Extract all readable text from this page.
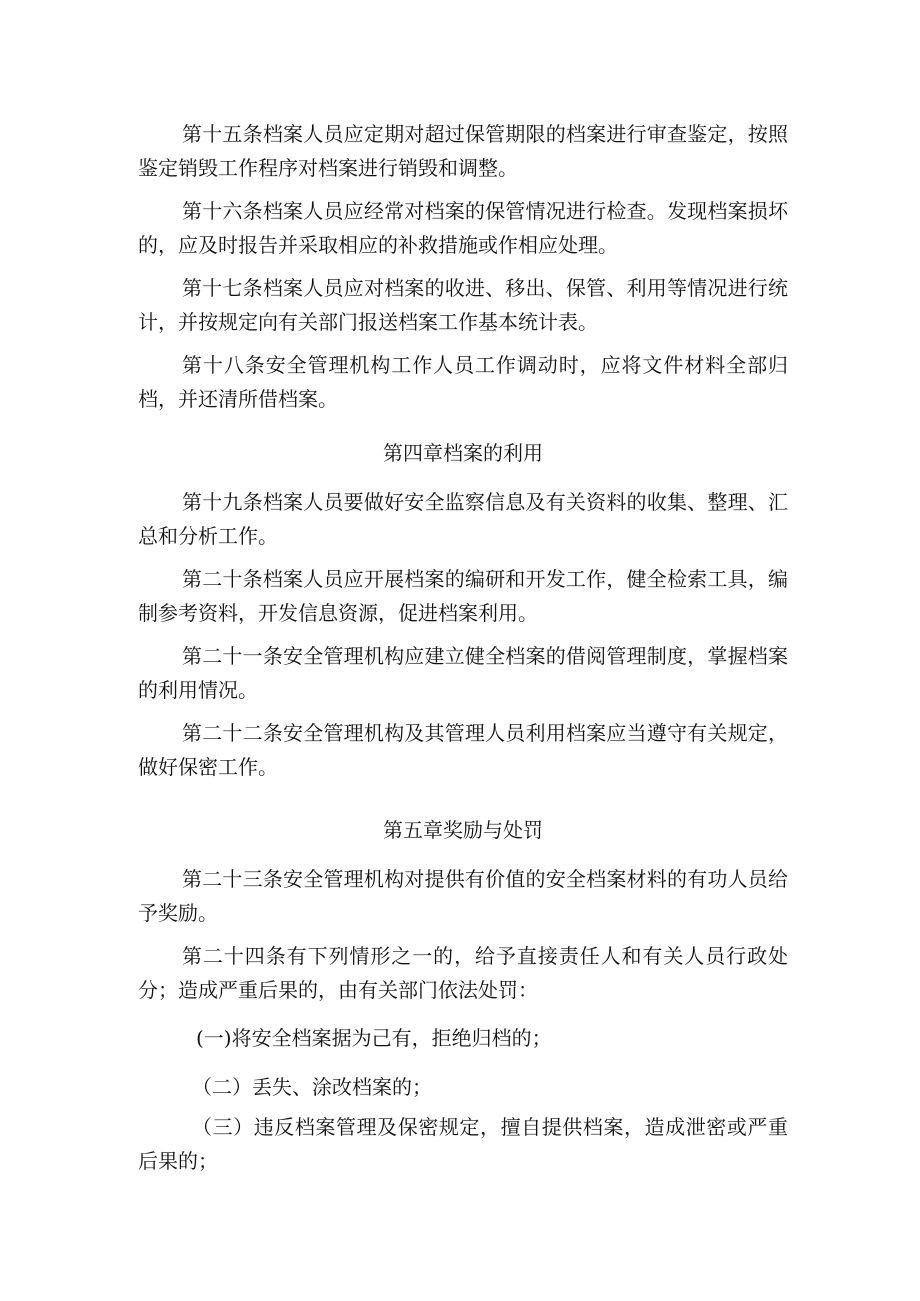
第十五条档案人员应定期对超过保管期限的档案进行审查鉴定，按照鉴定销毁工作程序对档案进行销毁和调整。

第十六条档案人员应经常对档案的保管情况进行检查。发现档案损坏的，应及时报告并采取相应的补救措施或作相应处理。

第十七条档案人员应对档案的收进、移出、保管、利用等情况进行统计，并按规定向有关部门报送档案工作基本统计表。

第十八条安全管理机构工作人员工作调动时，应将文件材料全部归档，并还清所借档案。

第四章档案的利用

第十九条档案人员要做好安全监察信息及有关资料的收集、整理、汇总和分析工作。

第二十条档案人员应开展档案的编研和开发工作，健全检索工具，编制参考资料，开发信息资源，促进档案利用。

第二十一条安全管理机构应建立健全档案的借阅管理制度，掌握档案的利用情况。

第二十二条安全管理机构及其管理人员利用档案应当遵守有关规定，做好保密工作。

第五章奖励与处罚

第二十三条安全管理机构对提供有价值的安全档案材料的有功人员给予奖励。

第二十四条有下列情形之一的，给予直接责任人和有关人员行政处分；造成严重后果的，由有关部门依法处罚：

(一)将安全档案据为己有，拒绝归档的；

（二）丢失、涂改档案的；

（三）违反档案管理及保密规定，擅自提供档案，造成泄密或严重后果的；
